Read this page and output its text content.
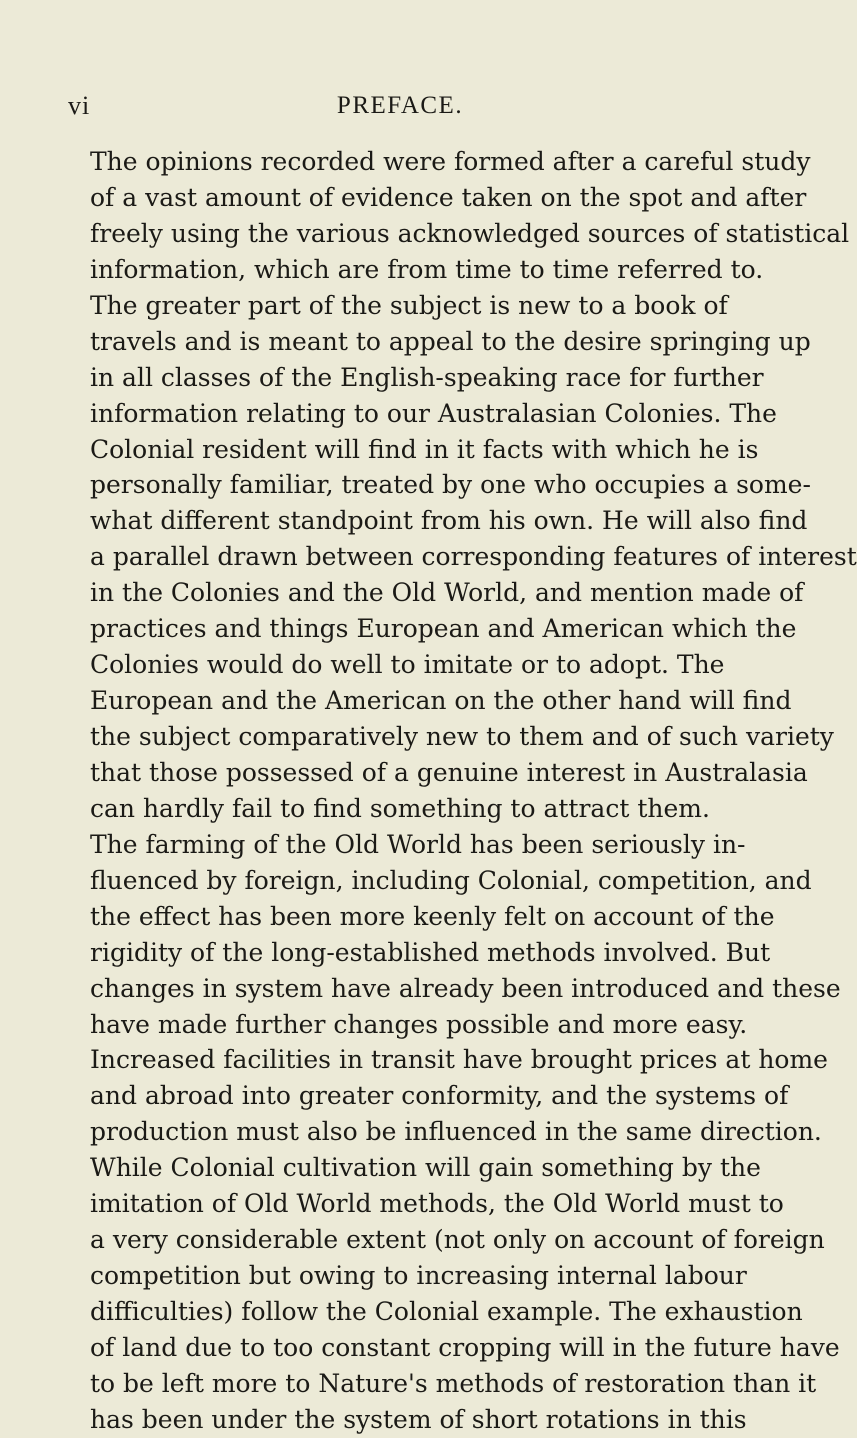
vi	PREFACE.
The opinions recorded were formed after a careful study
of a vast amount of evidence taken on the spot and after
freely using the various acknowledged sources of statistical
information, which are from time to time referred to.
The greater part of the subject is new to a book of
travels and is meant to appeal to the desire springing up
in all classes of the English-speaking race for further
information relating to our Australasian Colonies. The
Colonial resident will find in it facts with which he is
personally familiar, treated by one who occupies a some-
what different standpoint from his own. He will also find
a parallel drawn between corresponding features of interest
in the Colonies and the Old World, and mention made of
practices and things European and American which the
Colonies would do well to imitate or to adopt. The
European and the American on the other hand will find
the subject comparatively new to them and of such variety
that those possessed of a genuine interest in Australasia
can hardly fail to find something to attract them.
The farming of the Old World has been seriously in-
fluenced by foreign, including Colonial, competition, and
the effect has been more keenly felt on account of the
rigidity of the long-established methods involved. But
changes in system have already been introduced and these
have made further changes possible and more easy.
Increased facilities in transit have brought prices at home
and abroad into greater conformity, and the systems of
production must also be influenced in the same direction.
While Colonial cultivation will gain something by the
imitation of Old World methods, the Old World must to
a very considerable extent (not only on account of foreign
competition but owing to increasing internal labour
difficulties) follow the Colonial example. The exhaustion
of land due to too constant cropping will in the future have
to be left more to Nature's methods of restoration than it
has been under the system of short rotations in this
